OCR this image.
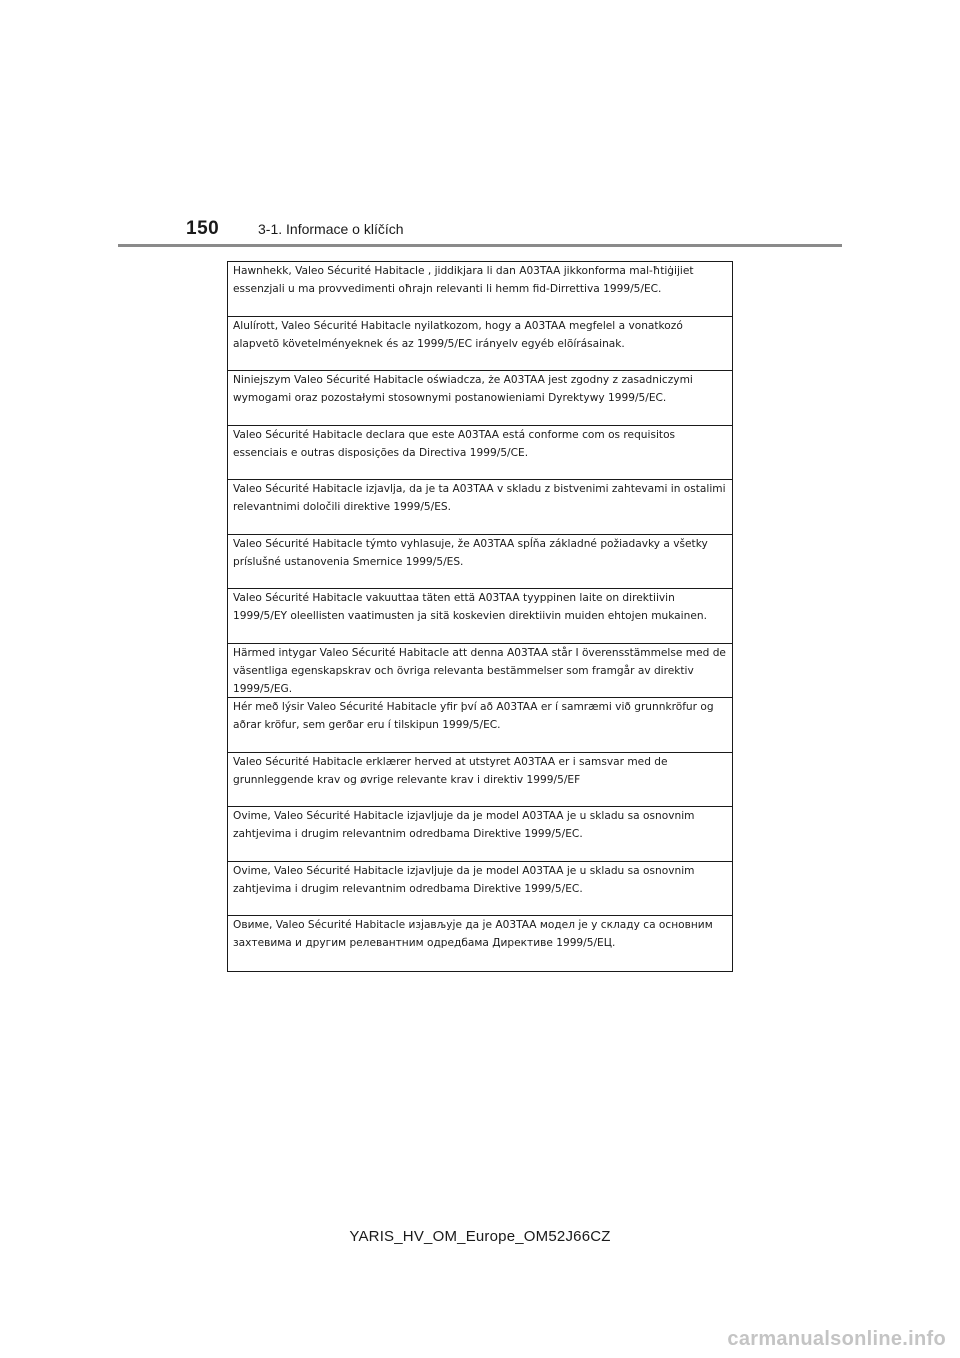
150	3-1. Informace o klíčích
Hawnhekk, Valeo Sécurité Habitacle , jiddikjara li dan A03TAA jikkonforma mal-ħtiġijiet essenzjali u ma provvedimenti oħrajn relevanti li hemm fid-Dirrettiva 1999/5/EC.
Alulírott, Valeo Sécurité Habitacle nyilatkozom, hogy a A03TAA megfelel a vonatkozó alapvetõ követelményeknek és az 1999/5/EC irányelv egyéb elõírásainak.
Niniejszym Valeo Sécurité Habitacle oświadcza, że A03TAA jest zgodny z zasadniczymi wymogami oraz pozostałymi stosownymi postanowieniami Dyrektywy 1999/5/EC.
Valeo Sécurité Habitacle declara que este A03TAA está conforme com os requisitos essenciais e outras disposições da Directiva 1999/5/CE.
Valeo Sécurité Habitacle izjavlja, da je ta A03TAA v skladu z bistvenimi zahtevami in ostalimi relevantnimi določili direktive 1999/5/ES.
Valeo Sécurité Habitacle týmto vyhlasuje, že A03TAA spĺňa základné požiadavky a všetky príslušné ustanovenia Smernice 1999/5/ES.
Valeo Sécurité Habitacle vakuuttaa täten että A03TAA tyyppinen laite on direktiivin 1999/5/EY oleellisten vaatimusten ja sitä koskevien direktiivin muiden ehtojen mukainen.
Härmed intygar Valeo Sécurité Habitacle att denna A03TAA står I överensstämmelse med de väsentliga egenskapskrav och övriga relevanta bestämmelser som framgår av direktiv 1999/5/EG.
Hér með lýsir Valeo Sécurité Habitacle yfir því að A03TAA er í samræmi við grunnkröfur og aðrar kröfur, sem gerðar eru í tilskipun 1999/5/EC.
Valeo Sécurité Habitacle erklærer herved at utstyret A03TAA er i samsvar med de grunnleggende krav og øvrige relevante krav i direktiv 1999/5/EF
Ovime, Valeo Sécurité Habitacle izjavljuje da je model A03TAA je u skladu sa osnovnim zahtjevima i drugim relevantnim odredbama Direktive 1999/5/EC.
Ovime, Valeo Sécurité Habitacle izjavljuje da je model A03TAA je u skladu sa osnovnim zahtjevima i drugim relevantnim odredbama Direktive 1999/5/EC.
Овиме, Valeo Sécurité Habitacle изјављује да је A03TAA модел је у складу са основним захтевима и другим релевантним одредбама Директиве 1999/5/ЕЦ.
YARIS_HV_OM_Europe_OM52J66CZ
carmanualsonline.info
